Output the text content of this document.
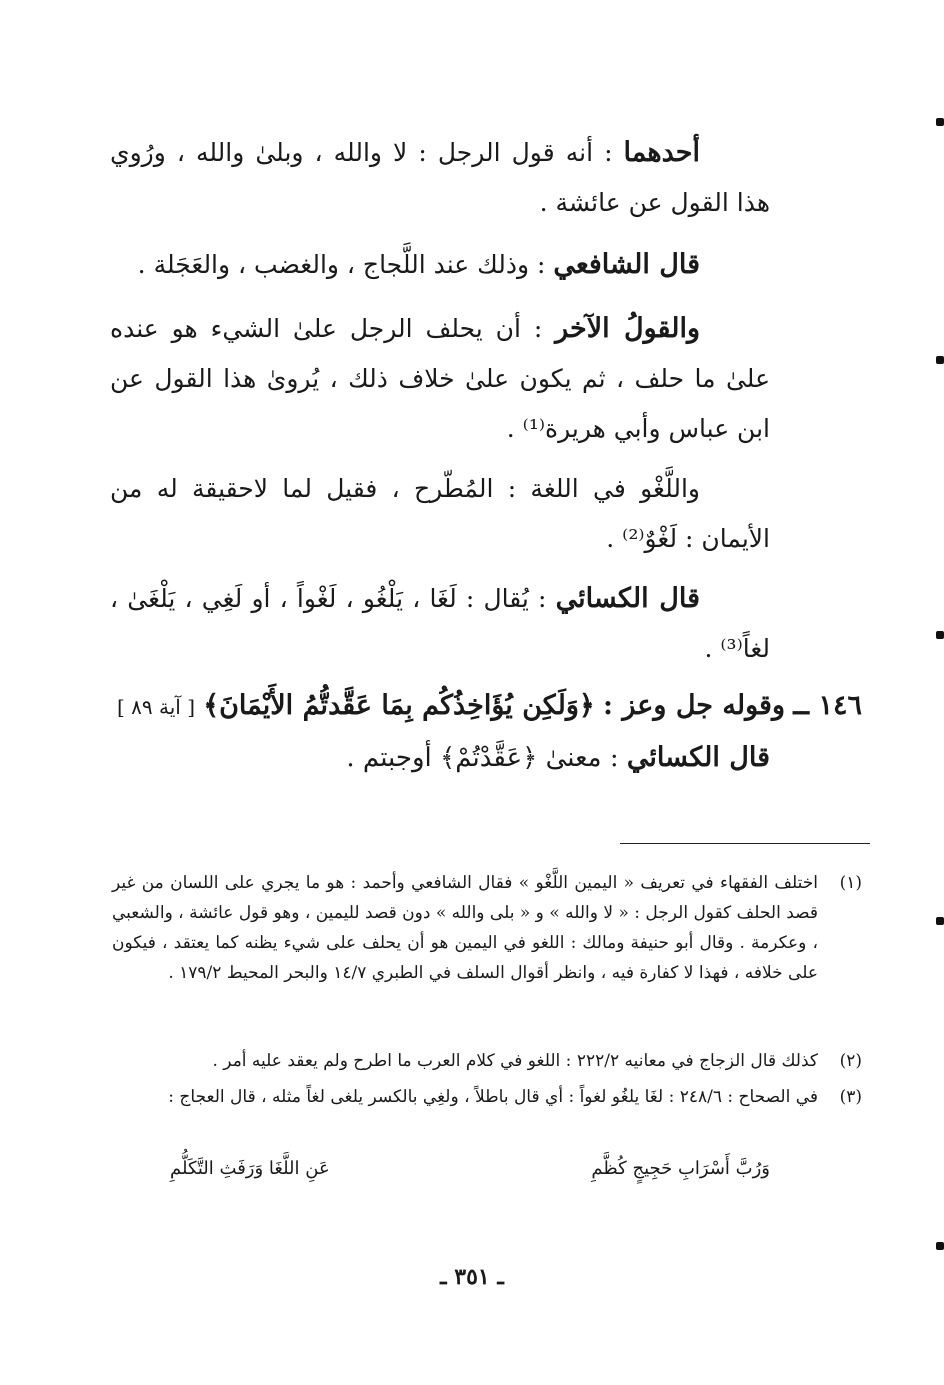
أحدهما : أنه قول الرجل : لا والله ، وبلىٰ والله ، ورُوي هذا القول عن عائشة .
قال الشافعي : وذلك عند اللَّجاج ، والغضب ، والعَجَلة .
والقولُ الآخر : أن يحلف الرجل علىٰ الشيء هو عنده علىٰ ما حلف ، ثم يكون علىٰ خلاف ذلك ، يُروىٰ هذا القول عن ابن عباس وأبي هريرة⁽¹⁾ .
واللَّغْو في اللغة : المُطّرح ، فقيل لما لاحقيقة له من الأيمان : لَغْوٌ⁽²⁾ .
قال الكسائي : يُقال : لَغَا ، يَلْغُو ، لَغْواً ، أو لَغِي ، يَلْغَىٰ ، لغاً⁽³⁾ .
١٤٦ ــ وقوله جل وعز : ﴿وَلَكِن يُؤَاخِذُكُم بِمَا عَقَّدتُّمُ الأَيْمَانَ﴾ [ آية ٨٩ ]
قال الكسائي : معنىٰ ﴿عَقَّدْتُمْ﴾ أوجبتم .
(١)
اختلف الفقهاء في تعريف « اليمين اللَّغْو » فقال الشافعي وأحمد : هو ما يجري على اللسان من غير قصد الحلف كقول الرجل : « لا والله » و « بلى والله » دون قصد لليمين ، وهو قول عائشة ، والشعبي ، وعكرمة . وقال أبو حنيفة ومالك : اللغو في اليمين هو أن يحلف على شيء يظنه كما يعتقد ، فيكون على خلافه ، فهذا لا كفارة فيه ، وانظر أقوال السلف في الطبري ١٤/٧ والبحر المحيط ١٧٩/٢ .
(٢)
كذلك قال الزجاج في معانيه ٢٢٢/٢ : اللغو في كلام العرب ما اطرح ولم يعقد عليه أمر .
(٣)
في الصحاح : ٢٤٨/٦ : لغَا يلغُو لغواً : أي قال باطلاً ، ولغِي بالكسر يلغى لغاً مثله ، قال العجاج :
وَرُبَّ أَسْرَابِ حَجِيجٍ كُظَّمِ
عَنِ اللَّغَا وَرَفَثِ التَّكَلُّمِ
ـ ٣٥١ ـ
